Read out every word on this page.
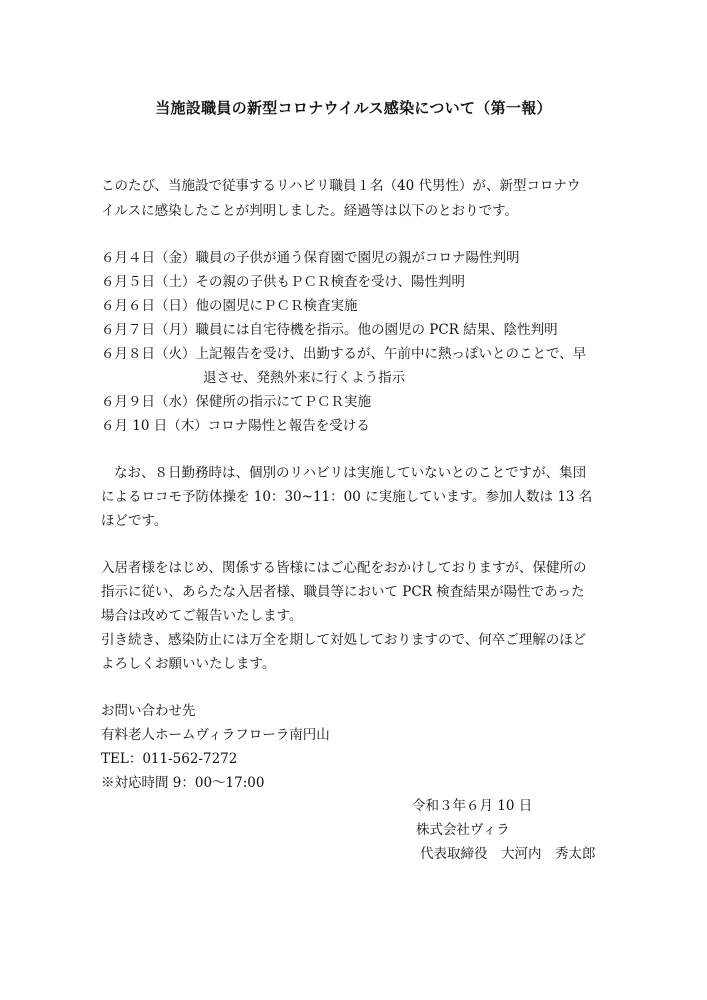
当施設職員の新型コロナウイルス感染について（第一報）
このたび、当施設で従事するリハビリ職員１名（40 代男性）が、新型コロナウ
イルスに感染したことが判明しました。経過等は以下のとおりです。
６月４日（金）職員の子供が通う保育園で園児の親がコロナ陽性判明
６月５日（土）その親の子供もＰＣＲ検査を受け、陽性判明
６月６日（日）他の園児にＰＣＲ検査実施
６月７日（月）職員には自宅待機を指示。他の園児の PCR 結果、陰性判明
６月８日（火）上記報告を受け、出勤するが、午前中に熱っぽいとのことで、早
退させ、発熱外来に行くよう指示
６月９日（水）保健所の指示にてＰＣＲ実施
６月 10 日（木）コロナ陽性と報告を受ける
なお、８日勤務時は、個別のリハビリは実施していないとのことですが、集団
によるロコモ予防体操を 10：30~11：00 に実施しています。参加人数は 13 名
ほどです。
入居者様をはじめ、関係する皆様にはご心配をおかけしておりますが、保健所の
指示に従い、あらたな入居者様、職員等において PCR 検査結果が陽性であった
場合は改めてご報告いたします。
引き続き、感染防止には万全を期して対処しておりますので、何卒ご理解のほど
よろしくお願いいたします。
お問い合わせ先
有料老人ホームヴィラフローラ南円山
TEL：011-562-7272
※対応時間 9：00～17:00
令和３年６月 10 日
株式会社ヴィラ
代表取締役　大河内　秀太郎
